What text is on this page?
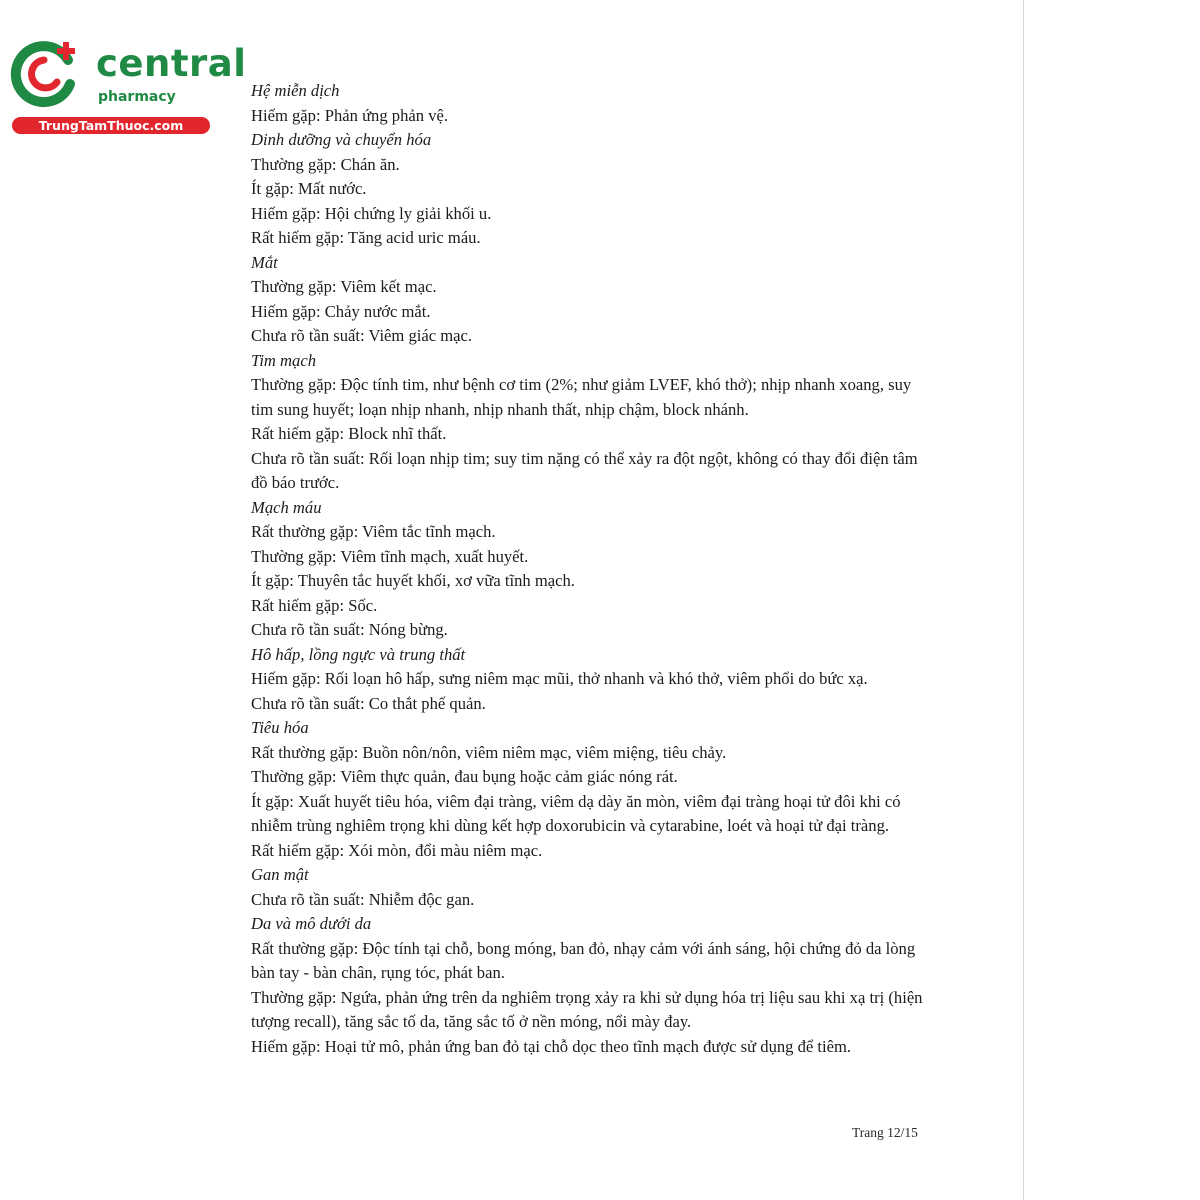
central
pharmacy
TrungTamThuoc.com

Hệ miễn dịch

Hiếm gặp: Phản ứng phản vệ.

Dinh dưỡng và chuyển hóa

Thường gặp: Chán ăn.

Ít gặp: Mất nước.

Hiếm gặp: Hội chứng ly giải khối u.

Rất hiếm gặp: Tăng acid uric máu.

Mắt

Thường gặp: Viêm kết mạc.

Hiếm gặp: Chảy nước mắt.

Chưa rõ tần suất: Viêm giác mạc.

Tim mạch

Thường gặp: Độc tính tim, như bệnh cơ tim (2%; như giảm LVEF, khó thở); nhịp nhanh xoang, suy tim sung huyết; loạn nhịp nhanh, nhịp nhanh thất, nhịp chậm, block nhánh.

Rất hiếm gặp: Block nhĩ thất.

Chưa rõ tần suất: Rối loạn nhịp tim; suy tim nặng có thể xảy ra đột ngột, không có thay đổi điện tâm đồ báo trước.

Mạch máu

Rất thường gặp: Viêm tắc tĩnh mạch.

Thường gặp: Viêm tĩnh mạch, xuất huyết.

Ít gặp: Thuyên tắc huyết khối, xơ vữa tĩnh mạch.

Rất hiếm gặp: Sốc.

Chưa rõ tần suất: Nóng bừng.

Hô hấp, lồng ngực và trung thất

Hiếm gặp: Rối loạn hô hấp, sưng niêm mạc mũi, thở nhanh và khó thở, viêm phổi do bức xạ.

Chưa rõ tần suất: Co thắt phế quản.

Tiêu hóa

Rất thường gặp: Buồn nôn/nôn, viêm niêm mạc, viêm miệng, tiêu chảy.

Thường gặp: Viêm thực quản, đau bụng hoặc cảm giác nóng rát.

Ít gặp: Xuất huyết tiêu hóa, viêm đại tràng, viêm dạ dày ăn mòn, viêm đại tràng hoại tử đôi khi có nhiễm trùng nghiêm trọng khi dùng kết hợp doxorubicin và cytarabine, loét và hoại tử đại tràng.

Rất hiếm gặp: Xói mòn, đổi màu niêm mạc.

Gan mật

Chưa rõ tần suất: Nhiễm độc gan.

Da và mô dưới da

Rất thường gặp: Độc tính tại chỗ, bong móng, ban đỏ, nhạy cảm với ánh sáng, hội chứng đỏ da lòng bàn tay - bàn chân, rụng tóc, phát ban.

Thường gặp: Ngứa, phản ứng trên da nghiêm trọng xảy ra khi sử dụng hóa trị liệu sau khi xạ trị (hiện tượng recall), tăng sắc tố da, tăng sắc tố ở nền móng, nổi mày đay.

Hiếm gặp: Hoại tử mô, phản ứng ban đỏ tại chỗ dọc theo tĩnh mạch được sử dụng để tiêm.

Trang 12/15
